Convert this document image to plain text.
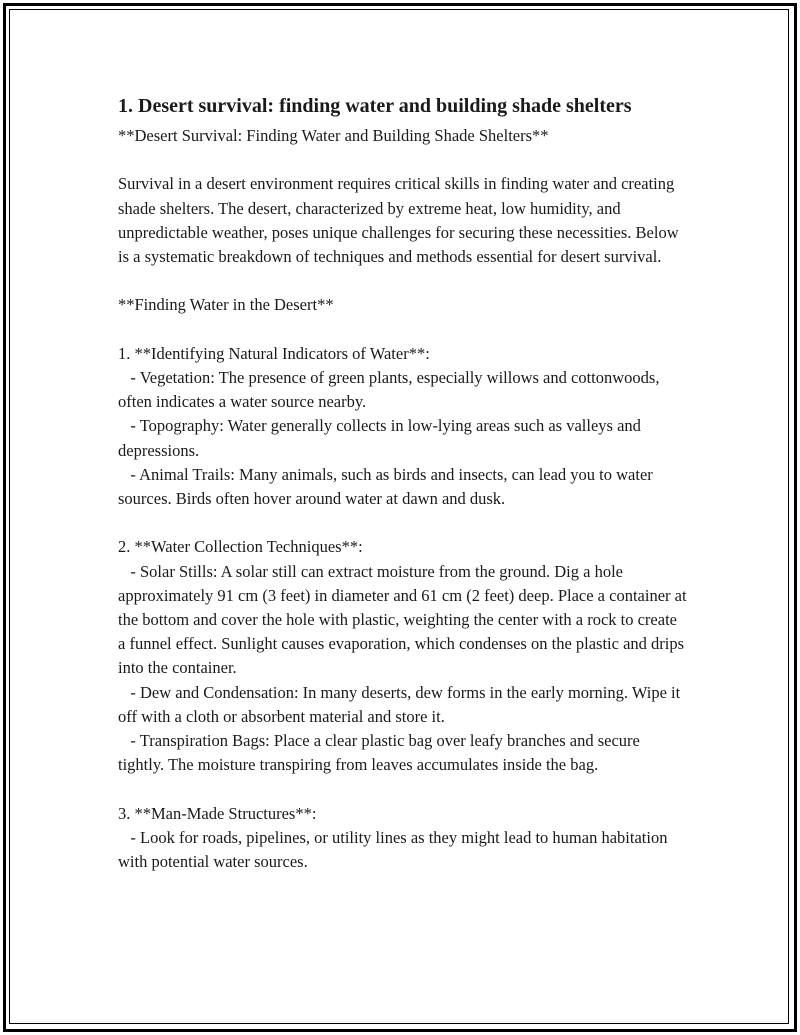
1. Desert survival: finding water and building shade shelters

**Desert Survival: Finding Water and Building Shade Shelters**

Survival in a desert environment requires critical skills in finding water and creating shade shelters. The desert, characterized by extreme heat, low humidity, and unpredictable weather, poses unique challenges for securing these necessities. Below is a systematic breakdown of techniques and methods essential for desert survival.

**Finding Water in the Desert**

1. **Identifying Natural Indicators of Water**:
- Vegetation: The presence of green plants, especially willows and cottonwoods, often indicates a water source nearby.
- Topography: Water generally collects in low-lying areas such as valleys and depressions.
- Animal Trails: Many animals, such as birds and insects, can lead you to water sources. Birds often hover around water at dawn and dusk.

2. **Water Collection Techniques**:
- Solar Stills: A solar still can extract moisture from the ground. Dig a hole approximately 91 cm (3 feet) in diameter and 61 cm (2 feet) deep. Place a container at the bottom and cover the hole with plastic, weighting the center with a rock to create a funnel effect. Sunlight causes evaporation, which condenses on the plastic and drips into the container.
- Dew and Condensation: In many deserts, dew forms in the early morning. Wipe it off with a cloth or absorbent material and store it.
- Transpiration Bags: Place a clear plastic bag over leafy branches and secure tightly. The moisture transpiring from leaves accumulates inside the bag.

3. **Man-Made Structures**:
- Look for roads, pipelines, or utility lines as they might lead to human habitation with potential water sources.
